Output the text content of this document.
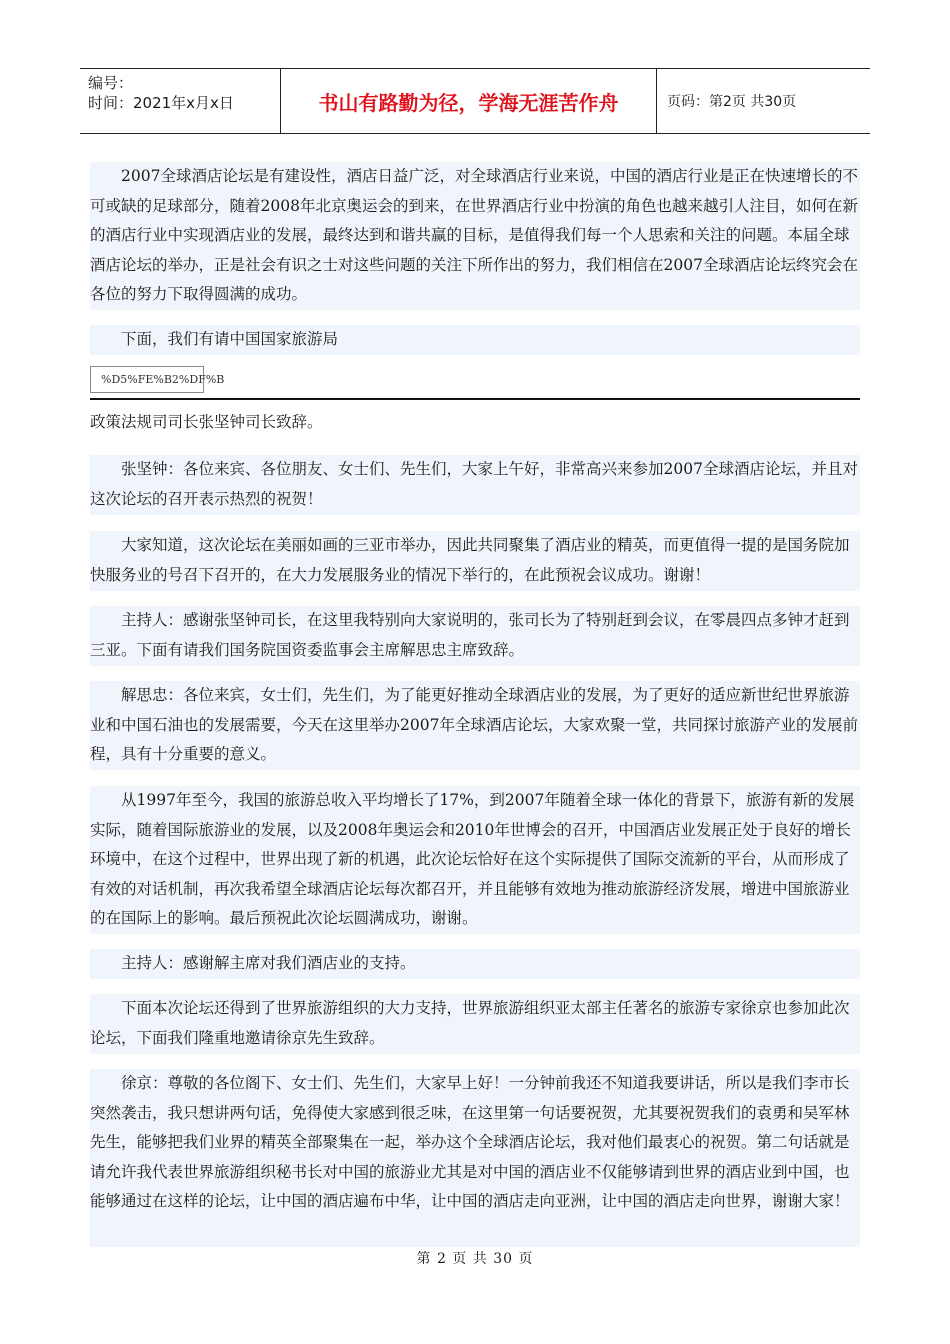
编号：
时间：2021年x月x日	书山有路勤为径，学海无涯苦作舟	页码：第2页 共30页
2007全球酒店论坛是有建设性，酒店日益广泛，对全球酒店行业来说，中国的酒店行业是正在快速增长的不可或缺的足球部分，随着2008年北京奥运会的到来，在世界酒店行业中扮演的角色也越来越引人注目，如何在新的酒店行业中实现酒店业的发展，最终达到和谐共赢的目标，是值得我们每一个人思索和关注的问题。本届全球酒店论坛的举办，正是社会有识之士对这些问题的关注下所作出的努力，我们相信在2007全球酒店论坛终究会在各位的努力下取得圆满的成功。
下面，我们有请中国国家旅游局
%D5%FE%B2%DF%B
政策法规司司长张坚钟司长致辞。
张坚钟：各位来宾、各位朋友、女士们、先生们，大家上午好，非常高兴来参加2007全球酒店论坛，并且对这次论坛的召开表示热烈的祝贺！
大家知道，这次论坛在美丽如画的三亚市举办，因此共同聚集了酒店业的精英，而更值得一提的是国务院加快服务业的号召下召开的，在大力发展服务业的情况下举行的，在此预祝会议成功。谢谢！
主持人：感谢张坚钟司长，在这里我特别向大家说明的，张司长为了特别赶到会议，在零晨四点多钟才赶到三亚。下面有请我们国务院国资委监事会主席解思忠主席致辞。
解思忠：各位来宾，女士们，先生们，为了能更好推动全球酒店业的发展，为了更好的适应新世纪世界旅游业和中国石油也的发展需要，今天在这里举办2007年全球酒店论坛，大家欢聚一堂，共同探讨旅游产业的发展前程，具有十分重要的意义。
从1997年至今，我国的旅游总收入平均增长了17%，到2007年随着全球一体化的背景下，旅游有新的发展实际，随着国际旅游业的发展，以及2008年奥运会和2010年世博会的召开，中国酒店业发展正处于良好的增长环境中，在这个过程中，世界出现了新的机遇，此次论坛恰好在这个实际提供了国际交流新的平台，从而形成了有效的对话机制，再次我希望全球酒店论坛每次都召开，并且能够有效地为推动旅游经济发展，增进中国旅游业的在国际上的影响。最后预祝此次论坛圆满成功，谢谢。
主持人：感谢解主席对我们酒店业的支持。
下面本次论坛还得到了世界旅游组织的大力支持，世界旅游组织亚太部主任著名的旅游专家徐京也参加此次论坛，下面我们隆重地邀请徐京先生致辞。
徐京：尊敬的各位阁下、女士们、先生们，大家早上好！一分钟前我还不知道我要讲话，所以是我们李市长突然袭击，我只想讲两句话，免得使大家感到很乏味，在这里第一句话要祝贺，尤其要祝贺我们的袁勇和吴军林先生，能够把我们业界的精英全部聚集在一起，举办这个全球酒店论坛，我对他们最衷心的祝贺。第二句话就是请允许我代表世界旅游组织秘书长对中国的旅游业尤其是对中国的酒店业不仅能够请到世界的酒店业到中国，也能够通过在这样的论坛，让中国的酒店遍布中华，让中国的酒店走向亚洲，让中国的酒店走向世界，谢谢大家！
第 2 页 共 30 页
